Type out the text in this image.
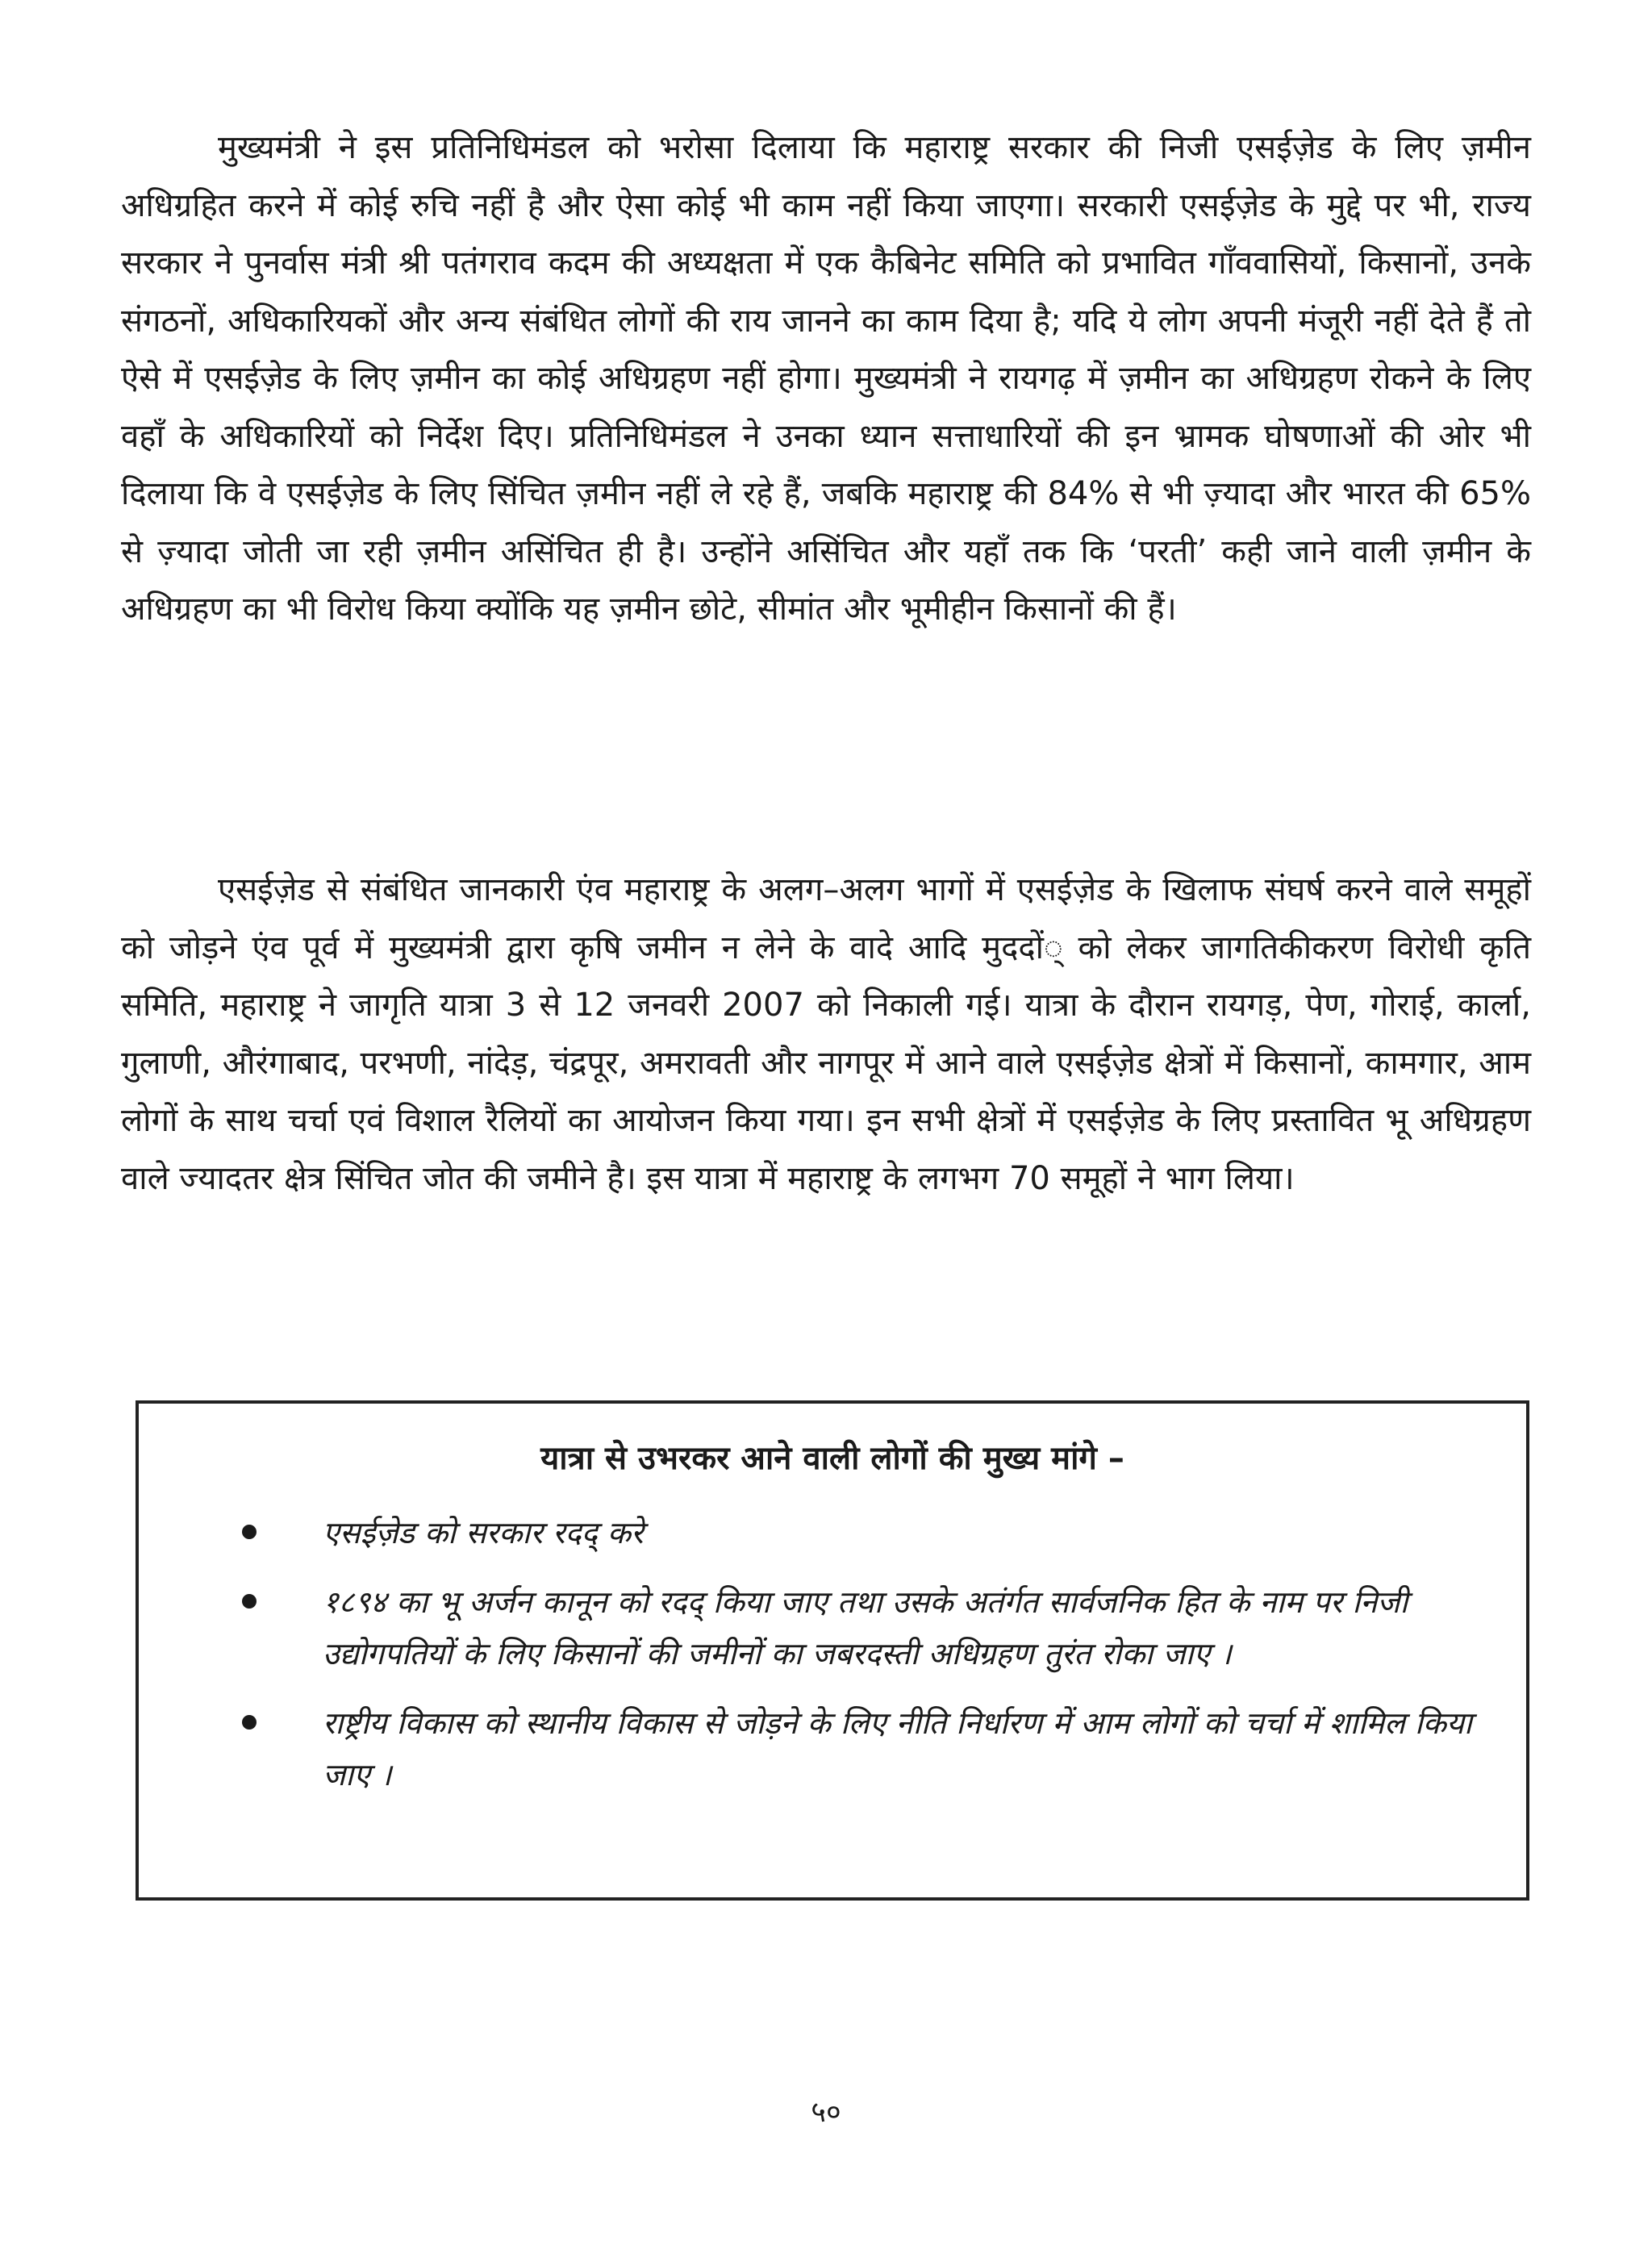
मुख्यमंत्री ने इस प्रतिनिधिमंडल को भरोसा दिलाया कि महाराष्ट्र सरकार की निजी एसईज़ेड के लिए ज़मीन अधिग्रहित करने में कोई रुचि नहीं है और ऐसा कोई भी काम नहीं किया जाएगा। सरकारी एसईज़ेड के मुद्दे पर भी, राज्य सरकार ने पुनर्वास मंत्री श्री पतंगराव कदम की अध्यक्षता में एक कैबिनेट समिति को प्रभावित गाँववासियों, किसानों, उनके संगठनों, अधिकारियकों और अन्य संबंधित लोगों की राय जानने का काम दिया है; यदि ये लोग अपनी मंजूरी नहीं देते हैं तो ऐसे में एसईज़ेड के लिए ज़मीन का कोई अधिग्रहण नहीं होगा। मुख्यमंत्री ने रायगढ़ में ज़मीन का अधिग्रहण रोकने के लिए वहाँ के अधिकारियों को निर्देश दिए। प्रतिनिधिमंडल ने उनका ध्यान सत्ताधारियों की इन भ्रामक घोषणाओं की ओर भी दिलाया कि वे एसईज़ेड के लिए सिंचित ज़मीन नहीं ले रहे हैं, जबकि महाराष्ट्र की 84% से भी ज़्यादा और भारत की 65% से ज़्यादा जोती जा रही ज़मीन असिंचित ही है। उन्होंने असिंचित और यहाँ तक कि ‘परती’ कही जाने वाली ज़मीन के अधिग्रहण का भी विरोध किया क्योंकि यह ज़मीन छोटे, सीमांत और भूमीहीन किसानों की हैं।

एसईज़ेड से संबंधित जानकारी एंव महाराष्ट्र के अलग–अलग भागों में एसईज़ेड के खिलाफ संघर्ष करने वाले समूहों को जोड़ने एंव पूर्व में मुख्यमंत्री द्वारा कृषि जमीन न लेने के वादे आदि मुददों् को लेकर जागतिकीकरण विरोधी कृति समिति, महाराष्ट्र ने जागृति यात्रा 3 से 12 जनवरी 2007 को निकाली गई। यात्रा के दौरान रायगड़, पेण, गोराई, कार्ला, गुलाणी, औरंगाबाद, परभणी, नांदेड़, चंद्रपूर, अमरावती और नागपूर में आने वाले एसईज़ेड क्षेत्रों में किसानों, कामगार, आम लोगों के साथ चर्चा एवं विशाल रैलियों का आयोजन किया गया। इन सभी क्षेत्रों में एसईज़ेड के लिए प्रस्तावित भू अधिग्रहण वाले ज्यादतर क्षेत्र सिंचित जोत की जमीने है। इस यात्रा में महाराष्ट्र के लगभग 70 समूहों ने भाग लिया।

यात्रा से उभरकर आने वाली लोगों की मुख्य मांगे –
एसईज़ेड को सरकार रदद् करे
१८९४ का भू अर्जन कानून को रदद् किया जाए तथा उसके अतंर्गत सार्वजनिक हित के नाम पर निजी उद्योगपतियों के लिए किसानों की जमीनों का जबरदस्ती अधिग्रहण तुरंत रोका जाए ।
राष्ट्रीय विकास को स्थानीय विकास से जोड़ने के लिए नीति निर्धारण में आम लोगों को चर्चा में शामिल किया जाए ।

५०
